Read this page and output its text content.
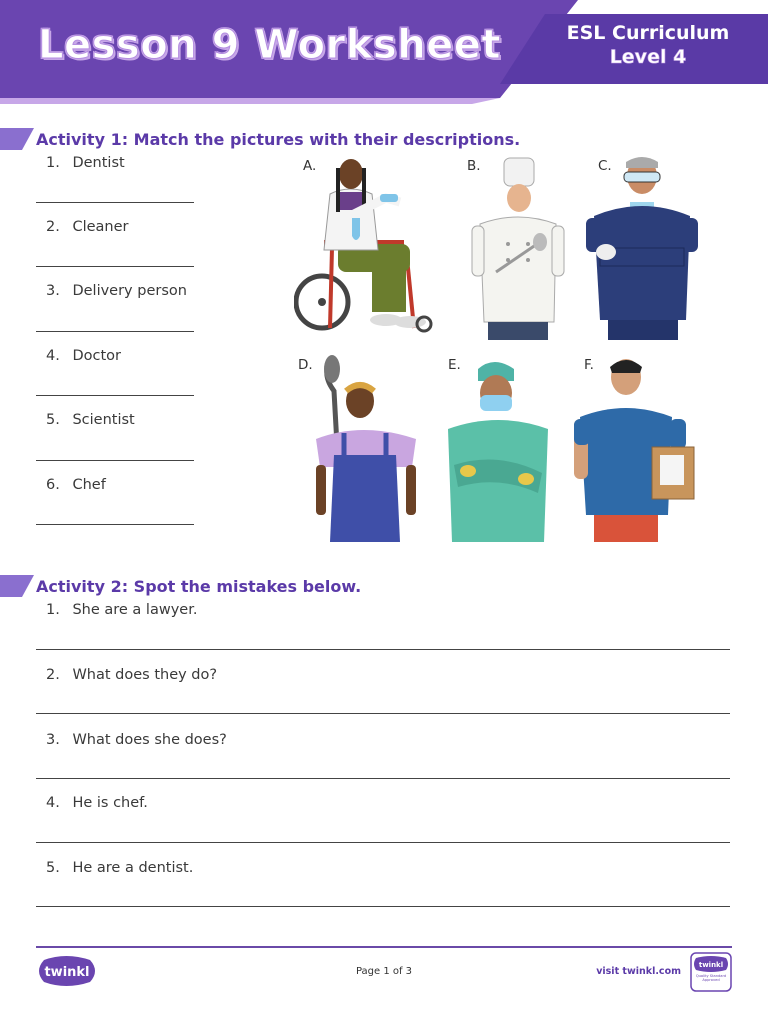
Lesson 9 Worksheet	ESL Curriculum
Level 4
Activity 1: Match the pictures with their descriptions.
1. Dentist
2. Cleaner
3. Delivery person
4. Doctor
5. Scientist
6. Chef
A.	B.	C.
D.	E.	F.
Activity 2: Spot the mistakes below.
1. She are a lawyer.
2. What does they do?
3. What does she does?
4. He is chef.
5. He are a dentist.
twinkl	Page 1 of 3	visit twinkl.com
twinkl
Quality Standard Approved
